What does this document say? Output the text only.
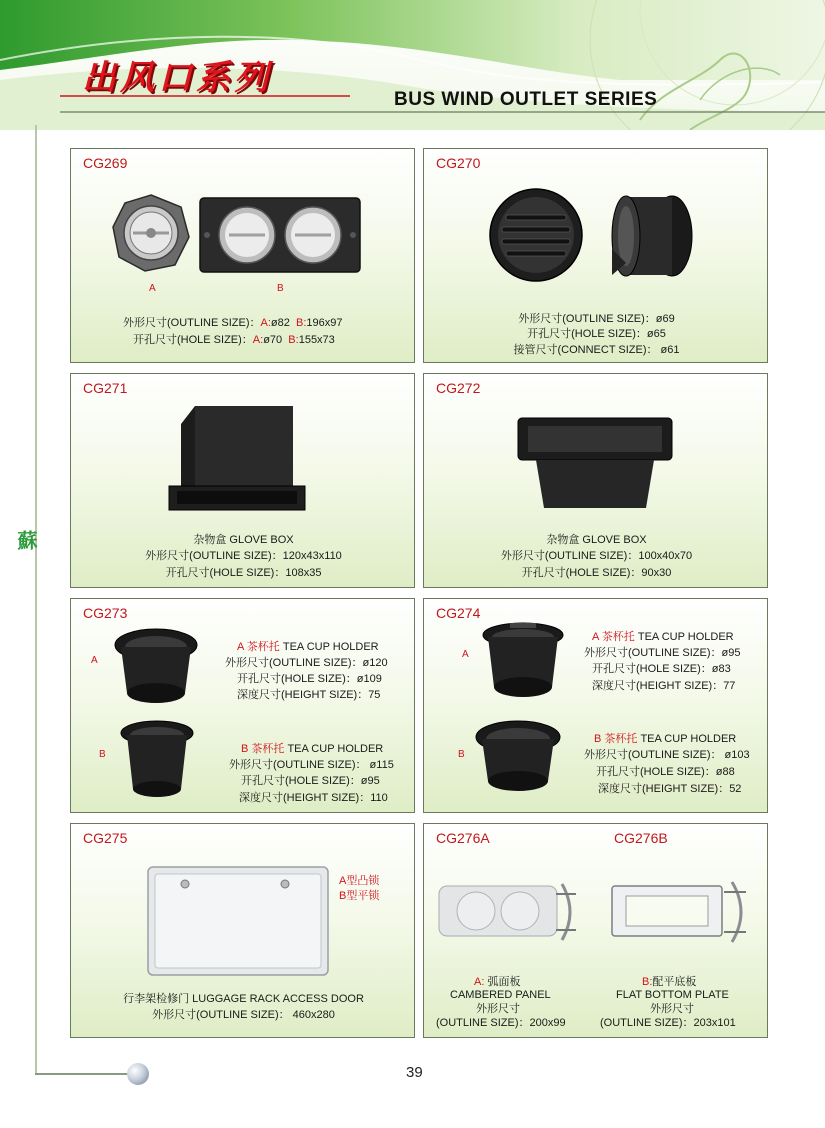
出风口系列
BUS WIND OUTLET SERIES
蘇
39
CG269
A	B
外形尺寸(OUTLINE SIZE)：A:ø82 B:196x97
开孔尺寸(HOLE SIZE)：A:ø70 B:155x73
CG270
外形尺寸(OUTLINE SIZE)：ø69
开孔尺寸(HOLE SIZE)：ø65
接管尺寸(CONNECT SIZE)： ø61
CG271
杂物盒 GLOVE BOX
外形尺寸(OUTLINE SIZE)：120x43x110
开孔尺寸(HOLE SIZE)：108x35
CG272
杂物盒 GLOVE BOX
外形尺寸(OUTLINE SIZE)：100x40x70
开孔尺寸(HOLE SIZE)：90x30
CG273
A
B
A 茶杯托 TEA CUP HOLDER
外形尺寸(OUTLINE SIZE)：ø120
开孔尺寸(HOLE SIZE)：ø109
深度尺寸(HEIGHT SIZE)：75
B 茶杯托 TEA CUP HOLDER
外形尺寸(OUTLINE SIZE)： ø115
开孔尺寸(HOLE SIZE)：ø95
深度尺寸(HEIGHT SIZE)：110
CG274
A
B
A 茶杯托 TEA CUP HOLDER
外形尺寸(OUTLINE SIZE)：ø95
开孔尺寸(HOLE SIZE)：ø83
深度尺寸(HEIGHT SIZE)：77
B 茶杯托 TEA CUP HOLDER
外形尺寸(OUTLINE SIZE)： ø103
开孔尺寸(HOLE SIZE)：ø88
深度尺寸(HEIGHT SIZE)：52
CG275
A型凸锁
B型平锁
行李架检修门 LUGGAGE RACK ACCESS DOOR
外形尺寸(OUTLINE SIZE)： 460x280
CG276A	CG276B
A: 弧面板
CAMBERED PANEL
外形尺寸
(OUTLINE SIZE)：200x99
B:配平底板
FLAT BOTTOM PLATE
外形尺寸
(OUTLINE SIZE)：203x101
